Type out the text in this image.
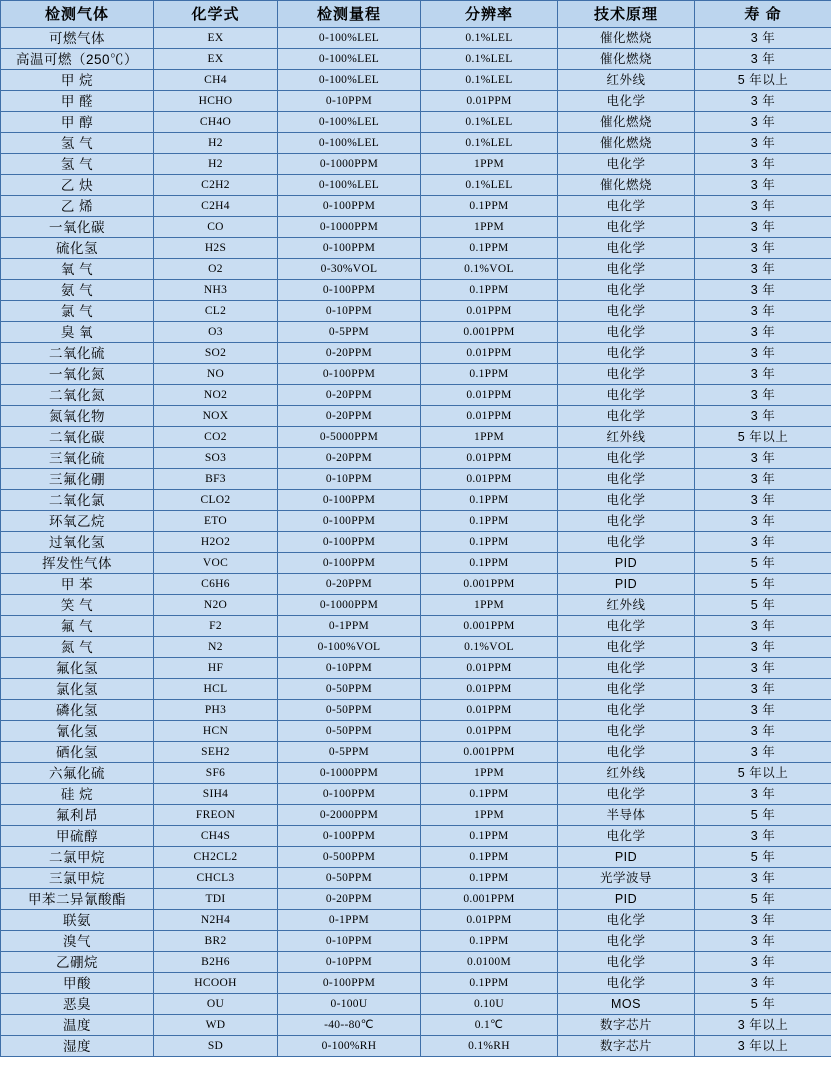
检测气体	化学式	检测量程	分辨率	技术原理	寿 命
可燃气体	EX	0-100%LEL	0.1%LEL	催化燃烧	3 年
高温可燃（250℃）	EX	0-100%LEL	0.1%LEL	催化燃烧	3 年
甲 烷	CH4	0-100%LEL	0.1%LEL	红外线	5 年以上
甲 醛	HCHO	0-10PPM	0.01PPM	电化学	3 年
甲 醇	CH4O	0-100%LEL	0.1%LEL	催化燃烧	3 年
氢 气	H2	0-100%LEL	0.1%LEL	催化燃烧	3 年
氢 气	H2	0-1000PPM	1PPM	电化学	3 年
乙 炔	C2H2	0-100%LEL	0.1%LEL	催化燃烧	3 年
乙 烯	C2H4	0-100PPM	0.1PPM	电化学	3 年
一氧化碳	CO	0-1000PPM	1PPM	电化学	3 年
硫化氢	H2S	0-100PPM	0.1PPM	电化学	3 年
氧 气	O2	0-30%VOL	0.1%VOL	电化学	3 年
氨 气	NH3	0-100PPM	0.1PPM	电化学	3 年
氯 气	CL2	0-10PPM	0.01PPM	电化学	3 年
臭 氧	O3	0-5PPM	0.001PPM	电化学	3 年
二氧化硫	SO2	0-20PPM	0.01PPM	电化学	3 年
一氧化氮	NO	0-100PPM	0.1PPM	电化学	3 年
二氧化氮	NO2	0-20PPM	0.01PPM	电化学	3 年
氮氧化物	NOX	0-20PPM	0.01PPM	电化学	3 年
二氧化碳	CO2	0-5000PPM	1PPM	红外线	5 年以上
三氧化硫	SO3	0-20PPM	0.01PPM	电化学	3 年
三氟化硼	BF3	0-10PPM	0.01PPM	电化学	3 年
二氧化氯	CLO2	0-100PPM	0.1PPM	电化学	3 年
环氧乙烷	ETO	0-100PPM	0.1PPM	电化学	3 年
过氧化氢	H2O2	0-100PPM	0.1PPM	电化学	3 年
挥发性气体	VOC	0-100PPM	0.1PPM	PID	5 年
甲 苯	C6H6	0-20PPM	0.001PPM	PID	5 年
笑 气	N2O	0-1000PPM	1PPM	红外线	5 年
氟 气	F2	0-1PPM	0.001PPM	电化学	3 年
氮 气	N2	0-100%VOL	0.1%VOL	电化学	3 年
氟化氢	HF	0-10PPM	0.01PPM	电化学	3 年
氯化氢	HCL	0-50PPM	0.01PPM	电化学	3 年
磷化氢	PH3	0-50PPM	0.01PPM	电化学	3 年
氰化氢	HCN	0-50PPM	0.01PPM	电化学	3 年
硒化氢	SEH2	0-5PPM	0.001PPM	电化学	3 年
六氟化硫	SF6	0-1000PPM	1PPM	红外线	5 年以上
硅 烷	SIH4	0-100PPM	0.1PPM	电化学	3 年
氟利昂	FREON	0-2000PPM	1PPM	半导体	5 年
甲硫醇	CH4S	0-100PPM	0.1PPM	电化学	3 年
二氯甲烷	CH2CL2	0-500PPM	0.1PPM	PID	5 年
三氯甲烷	CHCL3	0-50PPM	0.1PPM	光学波导	3 年
甲苯二异氰酸酯	TDI	0-20PPM	0.001PPM	PID	5 年
联氨	N2H4	0-1PPM	0.01PPM	电化学	3 年
溴气	BR2	0-10PPM	0.1PPM	电化学	3 年
乙硼烷	B2H6	0-10PPM	0.0100M	电化学	3 年
甲酸	HCOOH	0-100PPM	0.1PPM	电化学	3 年
恶臭	OU	0-100U	0.10U	MOS	5 年
温度	WD	-40--80℃	0.1℃	数字芯片	3 年以上
湿度	SD	0-100%RH	0.1%RH	数字芯片	3 年以上
